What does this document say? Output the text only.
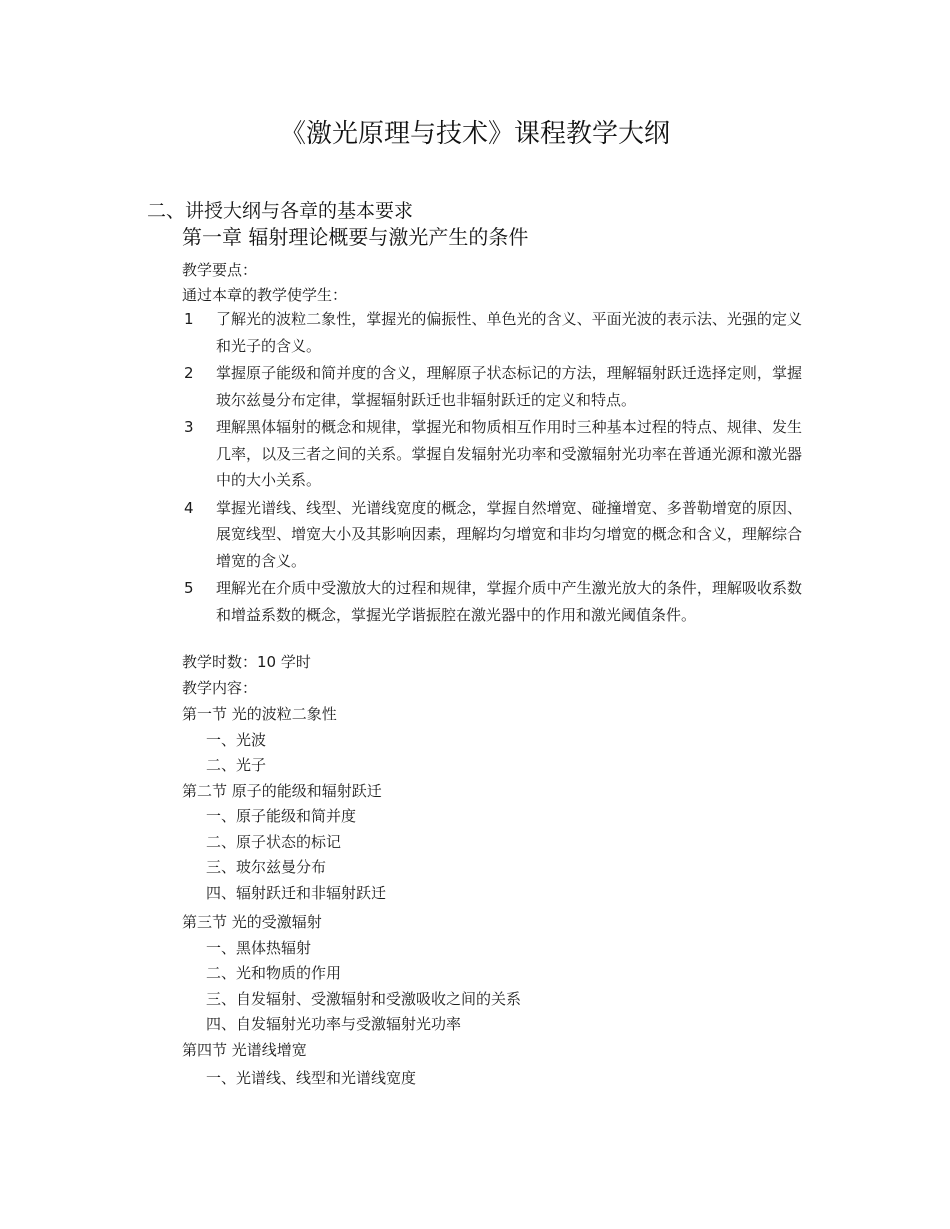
《激光原理与技术》课程教学大纲
二、讲授大纲与各章的基本要求
第一章 辐射理论概要与激光产生的条件
教学要点：
通过本章的教学使学生：
1 了解光的波粒二象性，掌握光的偏振性、单色光的含义、平面光波的表示法、光强的定义和光子的含义。
2 掌握原子能级和简并度的含义，理解原子状态标记的方法，理解辐射跃迁选择定则，掌握玻尔兹曼分布定律，掌握辐射跃迁也非辐射跃迁的定义和特点。
3 理解黑体辐射的概念和规律，掌握光和物质相互作用时三种基本过程的特点、规律、发生几率，以及三者之间的关系。掌握自发辐射光功率和受激辐射光功率在普通光源和激光器中的大小关系。
4 掌握光谱线、线型、光谱线宽度的概念，掌握自然增宽、碰撞增宽、多普勒增宽的原因、展宽线型、增宽大小及其影响因素，理解均匀增宽和非均匀增宽的概念和含义，理解综合增宽的含义。
5 理解光在介质中受激放大的过程和规律，掌握介质中产生激光放大的条件，理解吸收系数和增益系数的概念，掌握光学谐振腔在激光器中的作用和激光阈值条件。
教学时数：10 学时
教学内容：
第一节 光的波粒二象性
一、光波
二、光子
第二节 原子的能级和辐射跃迁
一、原子能级和简并度
二、原子状态的标记
三、玻尔兹曼分布
四、辐射跃迁和非辐射跃迁
第三节 光的受激辐射
一、黑体热辐射
二、光和物质的作用
三、自发辐射、受激辐射和受激吸收之间的关系
四、自发辐射光功率与受激辐射光功率
第四节 光谱线增宽
一、光谱线、线型和光谱线宽度
